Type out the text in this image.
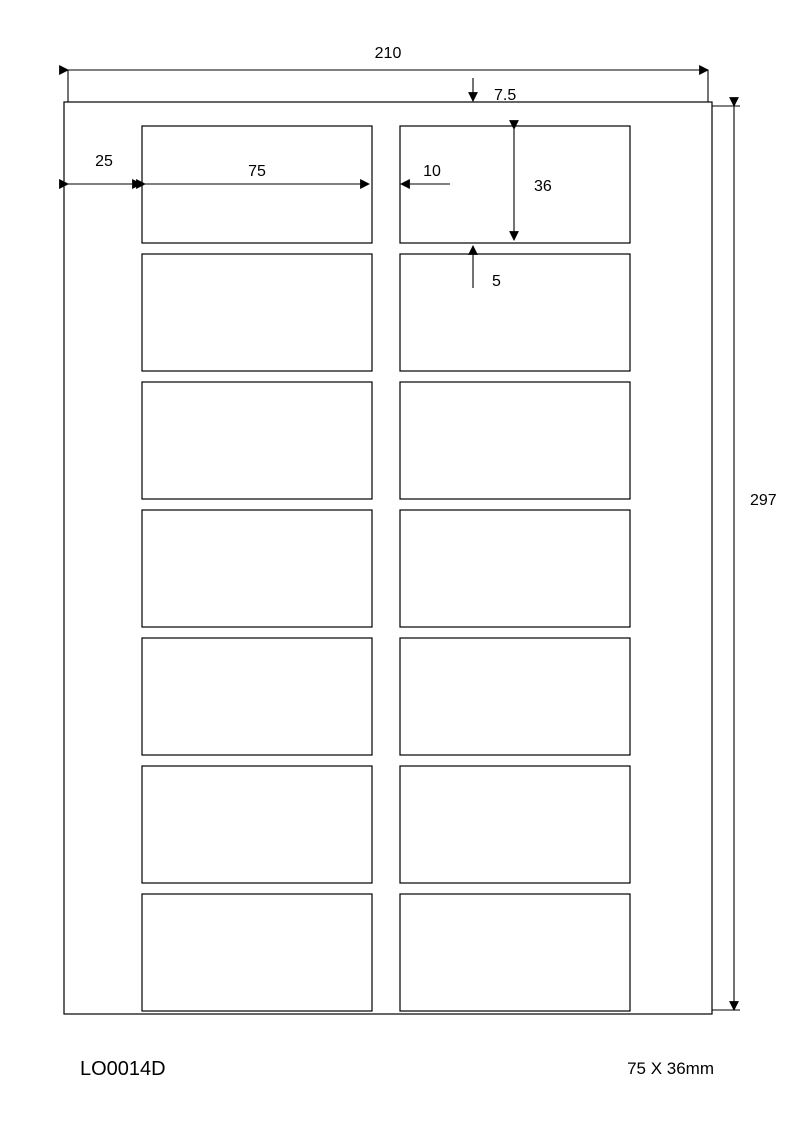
210
7.5
297
25
75	10
36
5
LO0014D	75 X 36mm
